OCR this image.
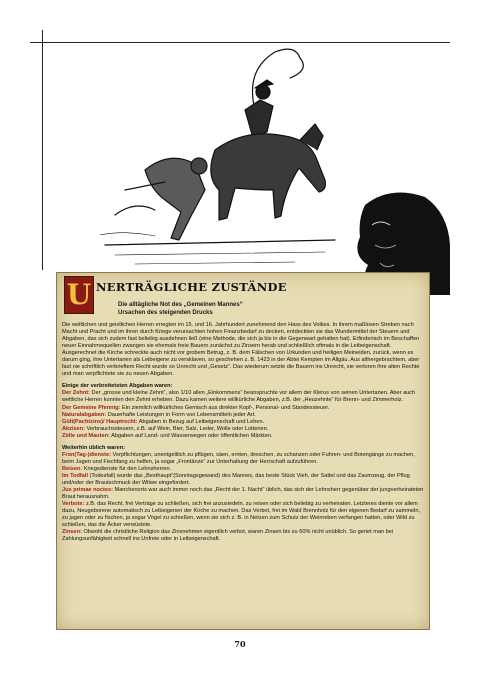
U NERTRÄGLICHE ZUSTÄNDE
Die alltägliche Not des „Gemeinen Mannes“
Ursachen des steigenden Drucks

Die weltlichen und geistlichen Herren erregten im 15. und 16. Jahrhundert zunehmend den Hass des Volkes. In ihrem maßlosen Streben nach Macht und Pracht und im ihren durch Kriege verursachten hohen Finanzbedarf zu decken, entdeckten sie das Wundermittel der Steuern und Abgaben, das sich zudem fast beliebig ausdehnen ließ (eine Methode, die sich ja bis in die Gegenwart gehalten hat). Erfinderisch im Beschaffen neuer Einnahmequellen zwangen sie ehemals freie Bauern zunächst zu Zinsern herab und schließlich oftmals in die Leibeigenschaft. Ausgerechnet die Kirche schreckte auch nicht vor grobem Betrug, z. B. dem Fälschen von Urkunden und heiligen Meineiden, zurück, wenn es darum ging, ihre Untertanen als Leibeigene zu versklaven, so geschehen z. B. 1423 in der Abtei Kempten im Allgäu. Aus althergebrachtem, aber fast nie schriftlich verbrieftem Recht wurde so Unrecht und „Gesetz“. Das wiederum setzte die Bauern ins Unrecht, sie verloren ihre alten Rechte und man verpflichtete sie zu neuen Abgaben.

Einige der verbreitetsten Abgaben waren:

Der Zehnt: Der „grosse und kleine Zehnt“, also 1/10 allen „Einkommens“ beanspruchte vor allem der Klerus von seinen Untertanen. Aber auch weltliche Herren konnten den Zehnt erheben. Dazu kamen weitere willkürliche Abgaben, z.B. der „Heuzehnte“ für Brenn- und Zimmerholz.

Der Gemeine Pfennig: Ein ziemlich willkürliches Gemisch aus direkter Kopf-, Personal- und Standessteuer.

Naturalabgaben: Dauerhafte Leistungen in Form von Lebensmitteln jeder Art.

Gült(Pachtzins)/ Hauptrecht: Abgaben in Bezug auf Leibeigenschaft und Lehen.

Akzisen: Verbrauchssteuern, z.B. auf Wein, Bier, Salz, Leder, Wolle oder Lotterien.

Zölle und Mauten: Abgaben auf Land- und Wasserwegen oder öffentlichen Märkten.

Weiterhin üblich waren:

Fron(Tag-)dienste: Verpflichtungen, unentgeltlich zu pflügen, säen, ernten, dreschen, zu schanzen oder Fuhren- und Botengänge zu machen, beim Jagen und Fischfang zu helfen, ja sogar „Frontänze“ zur Unterhaltung der Herrschaft aufzuführen.

Reisen: Kriegsdienste für den Lehnsherren.

Im Todfall (Todesfall) wurde das „Besthaupt“(Sonntagsgewand) des Mannes, das beste Stück Vieh, der Sattel und das Zaumzeug, der Pflug und/oder der Brautschmuck der Witwe eingefordert.

Jus primae noctes: Manchenorts war auch immer noch das „Recht der 1. Nacht“ üblich, das sich der Lehnsherr gegenüber der jungverheirateten Braut herausnahm.

Verbote: z.B. das Recht, frei Verträge zu schließen, sich frei anzusiedeln, zu reisen oder sich beliebig zu verheiraten. Letzteres diente vor allem dazu, Neugeborene automatisch zu Leibeigenen der Kirche zu machen. Das Verbot, frei im Wald Brennholz für den eigenen Bedarf zu sammeln, zu jagen oder zu fischen, ja sogar Vögel zu schießen, wenn sie sich z. B. in Netzen zum Schutz der Weinreben verfangen hatten, oder Wild zu schießen, das die Äcker verwüstete.

Zinsen: Obwohl die christliche Religion das Zinsnehmen eigentlich verbot, waren Zinsen bis zu 60% nicht unüblich. So geriet man bei Zahlungsunfähigkeit schnell ins Unfreie oder in Leibeigenschaft.

70
